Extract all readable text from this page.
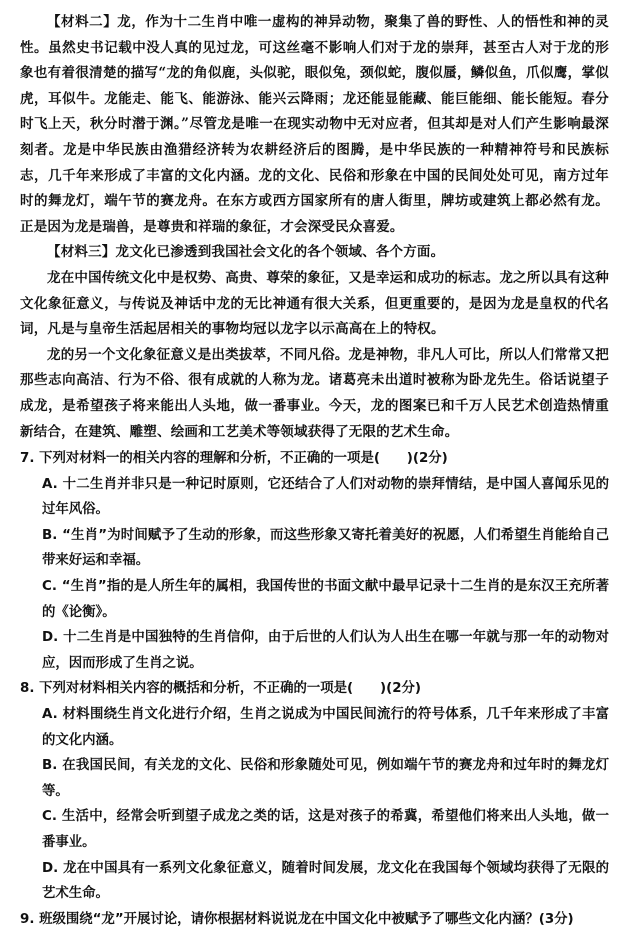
【材料二】龙，作为十二生肖中唯一虚构的神异动物，聚集了兽的野性、人的悟性和神的灵性。虽然史书记载中没人真的见过龙，可这丝毫不影响人们对于龙的崇拜，甚至古人对于龙的形象也有着很清楚的描写“龙的角似鹿，头似驼，眼似兔，颈似蛇，腹似蜃，鳞似鱼，爪似鹰，掌似虎，耳似牛。龙能走、能飞、能游泳、能兴云降雨；龙还能显能藏、能巨能细、能长能短。春分时飞上天，秋分时潜于渊。”尽管龙是唯一在现实动物中无对应者，但其却是对人们产生影响最深刻者。龙是中华民族由渔猎经济转为农耕经济后的图腾，是中华民族的一种精神符号和民族标志，几千年来形成了丰富的文化内涵。龙的文化、民俗和形象在中国的民间处处可见，南方过年时的舞龙灯，端午节的赛龙舟。在东方或西方国家所有的唐人街里，牌坊或建筑上都必然有龙。正是因为龙是瑞兽，是尊贵和祥瑞的象征，才会深受民众喜爱。

【材料三】龙文化已渗透到我国社会文化的各个领域、各个方面。

龙在中国传统文化中是权势、高贵、尊荣的象征，又是幸运和成功的标志。龙之所以具有这种文化象征意义，与传说及神话中龙的无比神通有很大关系，但更重要的，是因为龙是皇权的代名词，凡是与皇帝生活起居相关的事物均冠以龙字以示高高在上的特权。

龙的另一个文化象征意义是出类拔萃，不同凡俗。龙是神物，非凡人可比，所以人们常常又把那些志向高洁、行为不俗、很有成就的人称为龙。诸葛亮未出道时被称为卧龙先生。俗话说望子成龙，是希望孩子将来能出人头地，做一番事业。今天，龙的图案已和千万人民艺术创造热情重新结合，在建筑、雕塑、绘画和工艺美术等领域获得了无限的艺术生命。

7. 下列对材料一的相关内容的理解和分析，不正确的一项是(　　)(2分)

A. 十二生肖并非只是一种记时原则，它还结合了人们对动物的崇拜情结，是中国人喜闻乐见的过年风俗。

B. “生肖”为时间赋予了生动的形象，而这些形象又寄托着美好的祝愿，人们希望生肖能给自己带来好运和幸福。

C. “生肖”指的是人所生年的属相，我国传世的书面文献中最早记录十二生肖的是东汉王充所著的《论衡》。

D. 十二生肖是中国独特的生肖信仰，由于后世的人们认为人出生在哪一年就与那一年的动物对应，因而形成了生肖之说。

8. 下列对材料相关内容的概括和分析，不正确的一项是(　　)(2分)

A. 材料围绕生肖文化进行介绍，生肖之说成为中国民间流行的符号体系，几千年来形成了丰富的文化内涵。

B. 在我国民间，有关龙的文化、民俗和形象随处可见，例如端午节的赛龙舟和过年时的舞龙灯等。

C. 生活中，经常会听到望子成龙之类的话，这是对孩子的希冀，希望他们将来出人头地，做一番事业。

D. 龙在中国具有一系列文化象征意义，随着时间发展，龙文化在我国每个领域均获得了无限的艺术生命。

9. 班级围绕“龙”开展讨论，请你根据材料说说龙在中国文化中被赋予了哪些文化内涵？(3分)
